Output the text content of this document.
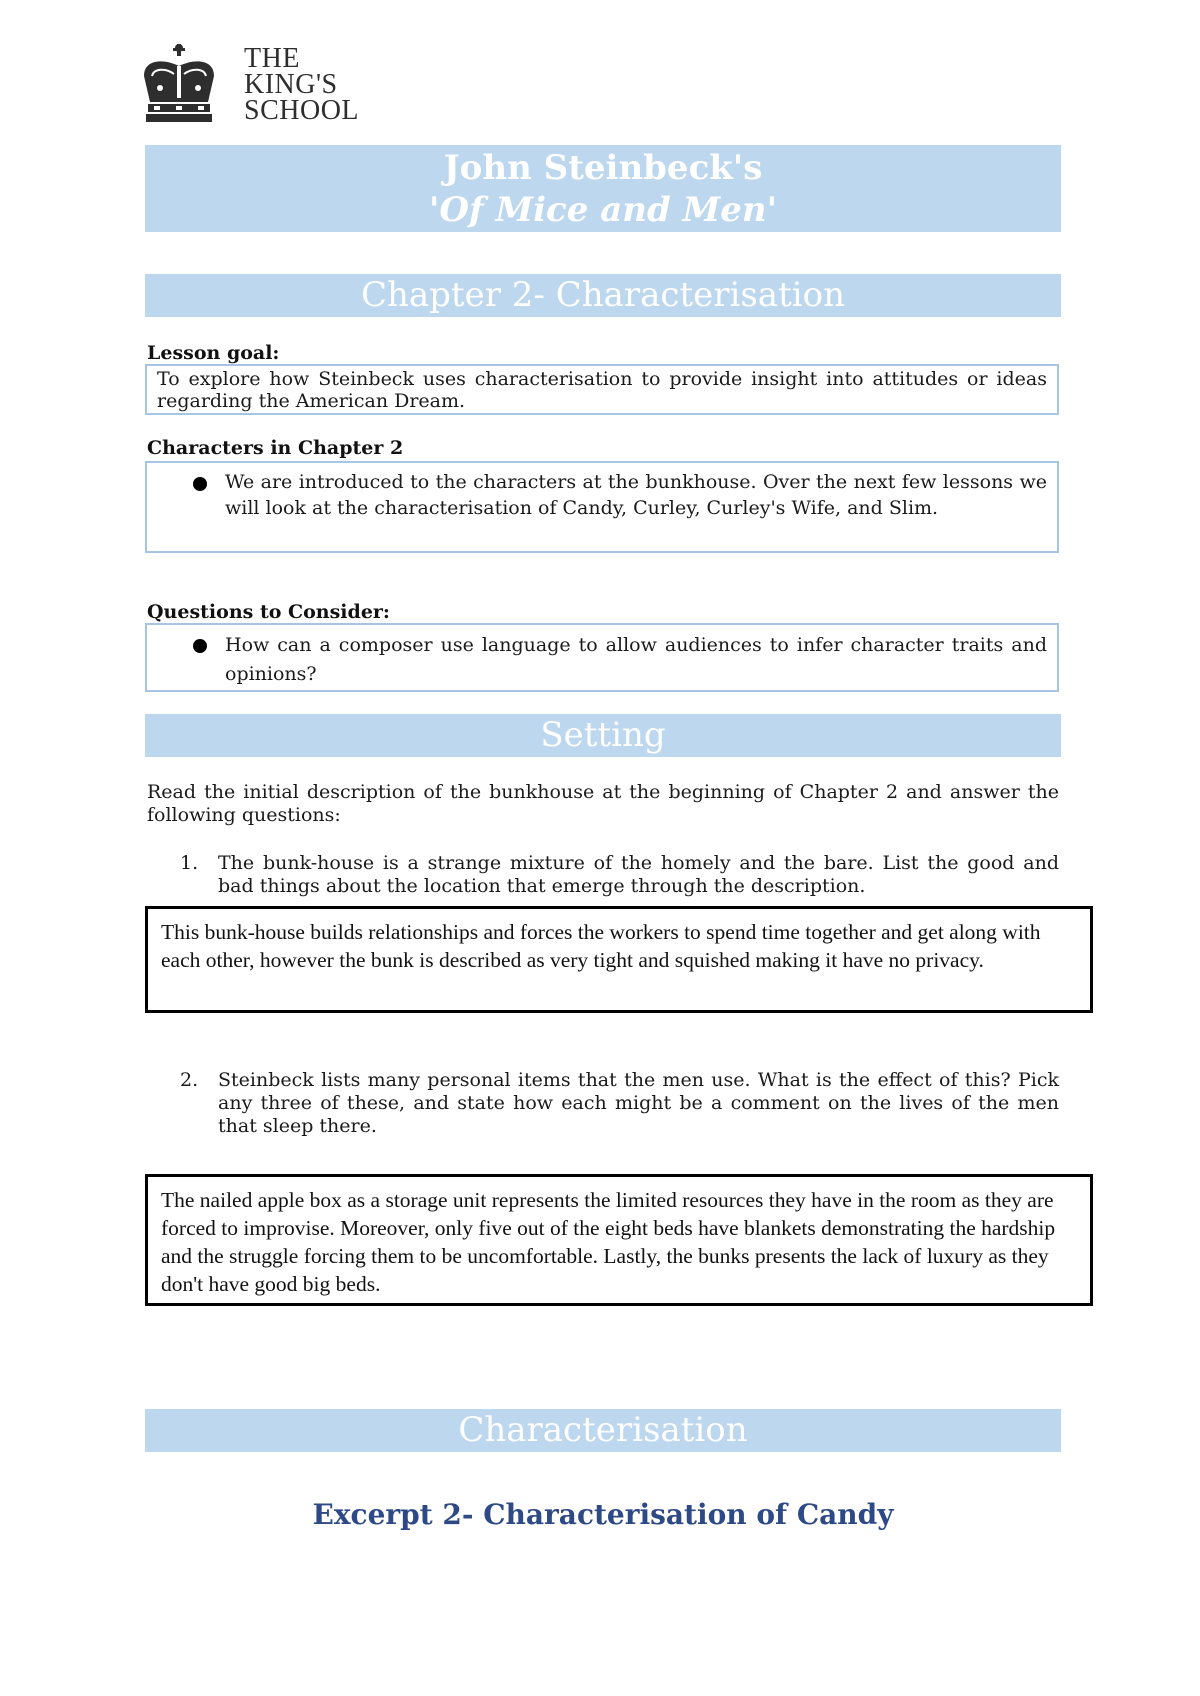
THE
KING'S
SCHOOL
John Steinbeck's
'Of Mice and Men'
Chapter 2- Characterisation
Lesson goal:
To explore how Steinbeck uses characterisation to provide insight into attitudes or ideas regarding the American Dream.
Characters in Chapter 2
We are introduced to the characters at the bunkhouse. Over the next few lessons we will look at the characterisation of Candy, Curley, Curley's Wife, and Slim.
Questions to Consider:
How can a composer use language to allow audiences to infer character traits and opinions?
Setting
Read the initial description of the bunkhouse at the beginning of Chapter 2 and answer the following questions:
1.	The bunk-house is a strange mixture of the homely and the bare. List the good and bad things about the location that emerge through the description.
This bunk-house builds relationships and forces the workers to spend time together and get along with each other, however the bunk is described as very tight and squished making it have no privacy.
2.	Steinbeck lists many personal items that the men use. What is the effect of this? Pick any three of these, and state how each might be a comment on the lives of the men that sleep there.
The nailed apple box as a storage unit represents the limited resources they have in the room as they are forced to improvise. Moreover, only five out of the eight beds have blankets demonstrating the hardship and the struggle forcing them to be uncomfortable. Lastly, the bunks presents the lack of luxury as they don't have good big beds.
Characterisation
Excerpt 2- Characterisation of Candy
